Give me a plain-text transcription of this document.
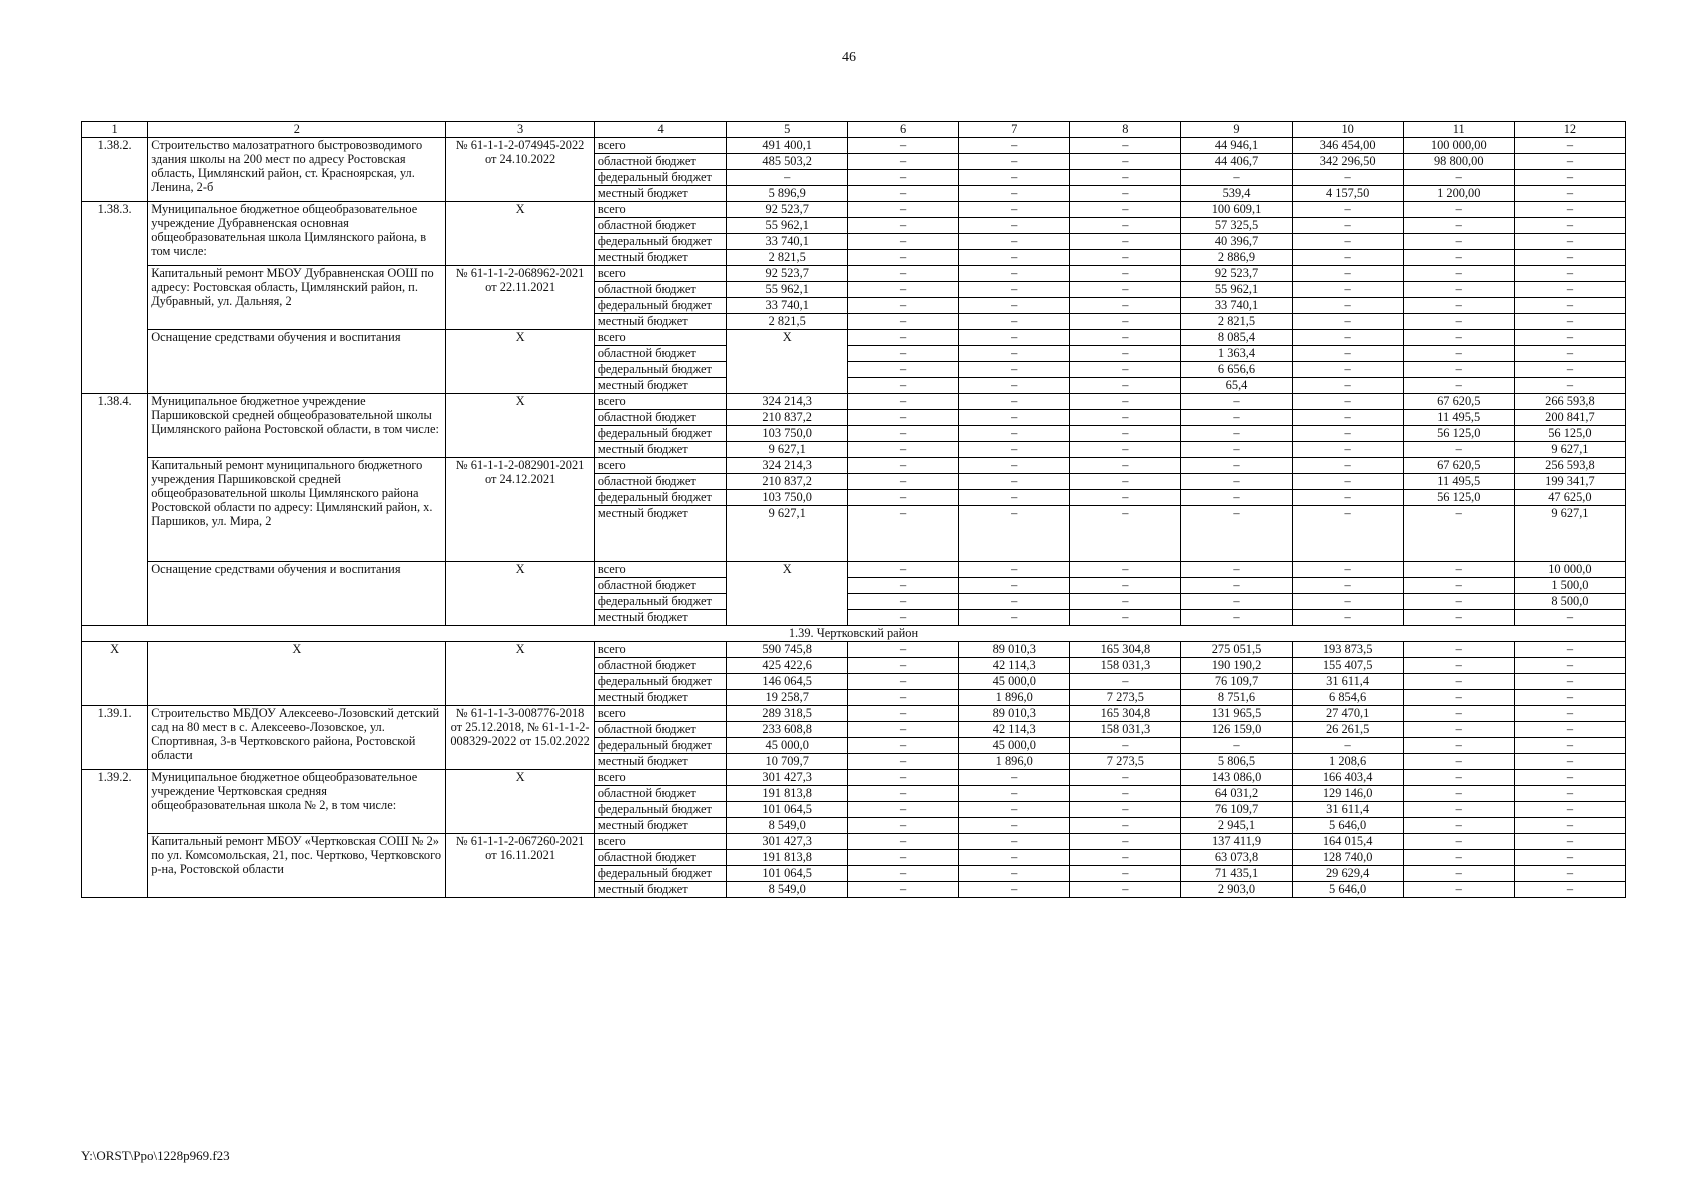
46
1	2	3	4	5	6	7	8	9	10	11	12
1.38.2.	Строительство малозатратного быстровозводимого здания школы на 200 мест по адресу Ростовская область, Цимлянский район, ст. Красноярская, ул. Ленина, 2-б	№ 61-1-1-2-074945-2022 от 24.10.2022	всего	491 400,1	–	–	–	44 946,1	346 454,00	100 000,00	–
			областной бюджет	485 503,2	–	–	–	44 406,7	342 296,50	98 800,00	–
			федеральный бюджет	–	–	–	–	–	–	–	–
			местный бюджет	5 896,9	–	–	–	539,4	4 157,50	1 200,00	–
1.38.3.	Муниципальное бюджетное общеобразовательное учреждение Дубравненская основная общеобразовательная школа Цимлянского района, в том числе:	X	всего	92 523,7	–	–	–	100 609,1	–	–	–
			областной бюджет	55 962,1	–	–	–	57 325,5	–	–	–
			федеральный бюджет	33 740,1	–	–	–	40 396,7	–	–	–
			местный бюджет	2 821,5	–	–	–	2 886,9	–	–	–
	Капитальный ремонт МБОУ Дубравненская ООШ по адресу: Ростовская область, Цимлянский район, п. Дубравный, ул. Дальняя, 2	№ 61-1-1-2-068962-2021 от 22.11.2021	всего	92 523,7	–	–	–	92 523,7	–	–	–
			областной бюджет	55 962,1	–	–	–	55 962,1	–	–	–
			федеральный бюджет	33 740,1	–	–	–	33 740,1	–	–	–
			местный бюджет	2 821,5	–	–	–	2 821,5	–	–	–
	Оснащение средствами обучения и воспитания	X	всего	X	–	–	–	8 085,4	–	–	–
			областной бюджет		–	–	–	1 363,4	–	–	–
			федеральный бюджет		–	–	–	6 656,6	–	–	–
			местный бюджет		–	–	–	65,4	–	–	–
1.38.4.	Муниципальное бюджетное учреждение Паршиковской средней общеобразовательной школы Цимлянского района Ростовской области, в том числе:	X	всего	324 214,3	–	–	–	–	–	67 620,5	266 593,8
			областной бюджет	210 837,2	–	–	–	–	–	11 495,5	200 841,7
			федеральный бюджет	103 750,0	–	–	–	–	–	56 125,0	56 125,0
			местный бюджет	9 627,1	–	–	–	–	–	–	9 627,1
	Капитальный ремонт муниципального бюджетного учреждения Паршиковской средней общеобразовательной школы Цимлянского района Ростовской области по адресу: Цимлянский район, х. Паршиков, ул. Мира, 2	№ 61-1-1-2-082901-2021 от 24.12.2021	всего	324 214,3	–	–	–	–	–	67 620,5	256 593,8
			областной бюджет	210 837,2	–	–	–	–	–	11 495,5	199 341,7
			федеральный бюджет	103 750,0	–	–	–	–	–	56 125,0	47 625,0
			местный бюджет	9 627,1	–	–	–	–	–	–	9 627,1
	Оснащение средствами обучения и воспитания	X	всего	X	–	–	–	–	–	–	10 000,0
			областной бюджет		–	–	–	–	–	–	1 500,0
			федеральный бюджет		–	–	–	–	–	–	8 500,0
			местный бюджет		–	–	–	–	–	–	–
1.39. Чертковский район											
X	X	X	всего	590 745,8	–	89 010,3	165 304,8	275 051,5	193 873,5	–	–
			областной бюджет	425 422,6	–	42 114,3	158 031,3	190 190,2	155 407,5	–	–
			федеральный бюджет	146 064,5	–	45 000,0	–	76 109,7	31 611,4	–	–
			местный бюджет	19 258,7	–	1 896,0	7 273,5	8 751,6	6 854,6	–	–
1.39.1.	Строительство МБДОУ Алексеево-Лозовский детский сад на 80 мест в с. Алексеево-Лозовское, ул. Спортивная, 3-в Чертковского района, Ростовской области	№ 61-1-1-3-008776-2018 от 25.12.2018, № 61-1-1-2-008329-2022 от 15.02.2022	всего	289 318,5	–	89 010,3	165 304,8	131 965,5	27 470,1	–	–
			областной бюджет	233 608,8	–	42 114,3	158 031,3	126 159,0	26 261,5	–	–
			федеральный бюджет	45 000,0	–	45 000,0	–	–	–	–	–
			местный бюджет	10 709,7	–	1 896,0	7 273,5	5 806,5	1 208,6	–	–
1.39.2.	Муниципальное бюджетное общеобразовательное учреждение Чертковская средняя общеобразовательная школа № 2, в том числе:	X	всего	301 427,3	–	–	–	143 086,0	166 403,4	–	–
			областной бюджет	191 813,8	–	–	–	64 031,2	129 146,0	–	–
			федеральный бюджет	101 064,5	–	–	–	76 109,7	31 611,4	–	–
			местный бюджет	8 549,0	–	–	–	2 945,1	5 646,0	–	–
	Капитальный ремонт МБОУ «Чертковская СОШ № 2» по ул. Комсомольская, 21, пос. Чертково, Чертковского р-на, Ростовской области	№ 61-1-1-2-067260-2021 от 16.11.2021	всего	301 427,3	–	–	–	137 411,9	164 015,4	–	–
			областной бюджет	191 813,8	–	–	–	63 073,8	128 740,0	–	–
			федеральный бюджет	101 064,5	–	–	–	71 435,1	29 629,4	–	–
			местный бюджет	8 549,0	–	–	–	2 903,0	5 646,0	–	–
Y:\ORST\Ppo\1228p969.f23
